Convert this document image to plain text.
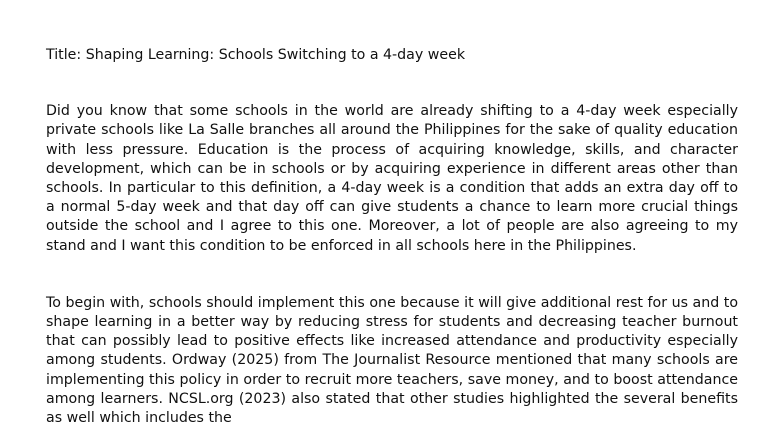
Title: Shaping Learning: Schools Switching to a 4-day week

Did you know that some schools in the world are already shifting to a 4-day week especially private schools like La Salle branches all around the Philippines for the sake of quality education with less pressure. Education is the process of acquiring knowledge, skills, and character development, which can be in schools or by acquiring experience in different areas other than schools. In particular to this definition, a 4-day week is a condition that adds an extra day off to a normal 5-day week and that day off can give students a chance to learn more crucial things outside the school and I agree to this one. Moreover, a lot of people are also agreeing to my stand and I want this condition to be enforced in all schools here in the Philippines.

To begin with, schools should implement this one because it will give additional rest for us and to shape learning in a better way by reducing stress for students and decreasing teacher burnout that can possibly lead to positive effects like increased attendance and productivity especially among students. Ordway (2025) from The Journalist Resource mentioned that many schools are implementing this policy in order to recruit more teachers, save money, and to boost attendance among learners. NCSL.org (2023) also stated that other studies highlighted the several benefits as well which includes the
